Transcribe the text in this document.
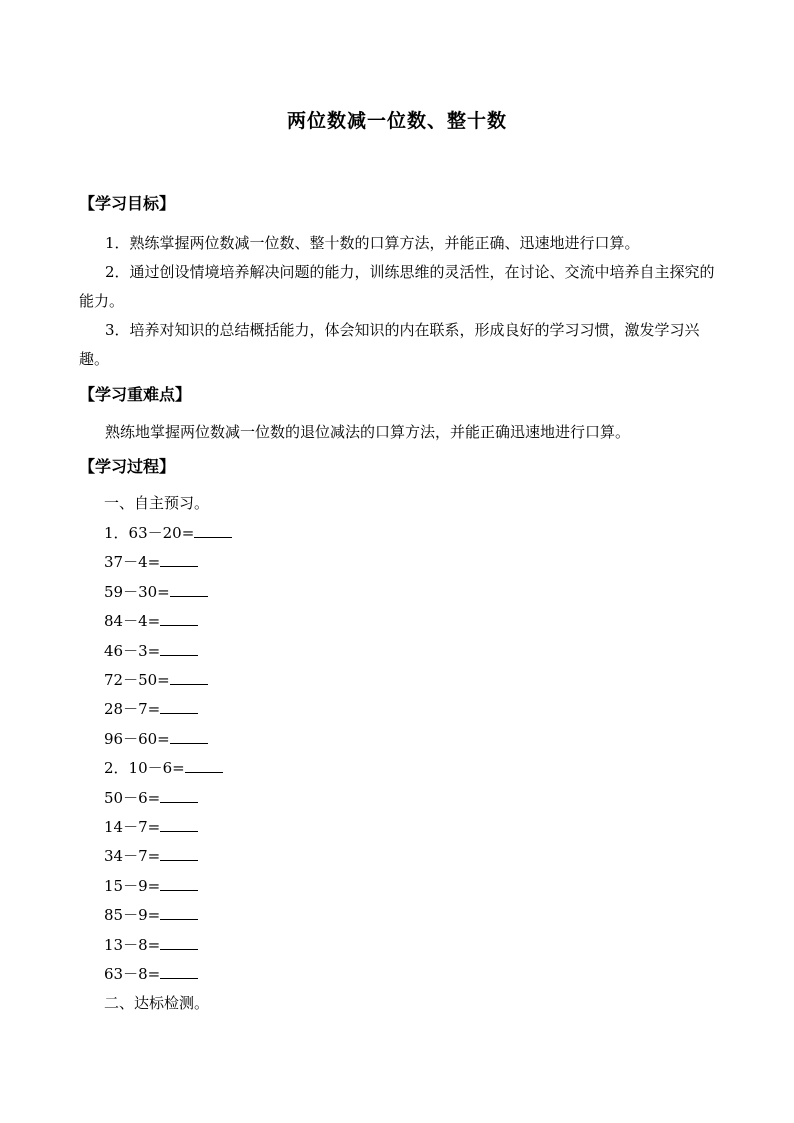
两位数减一位数、整十数
【学习目标】
1．熟练掌握两位数减一位数、整十数的口算方法，并能正确、迅速地进行口算。
2．通过创设情境培养解决问题的能力，训练思维的灵活性，在讨论、交流中培养自主探究的能力。
3．培养对知识的总结概括能力，体会知识的内在联系，形成良好的学习习惯，激发学习兴趣。
【学习重难点】
熟练地掌握两位数减一位数的退位减法的口算方法，并能正确迅速地进行口算。
【学习过程】
一、自主预习。
1．63－20=
37－4=
59－30=
84－4=
46－3=
72－50=
28－7=
96－60=
2．10－6=
50－6=
14－7=
34－7=
15－9=
85－9=
13－8=
63－8=
二、达标检测。
